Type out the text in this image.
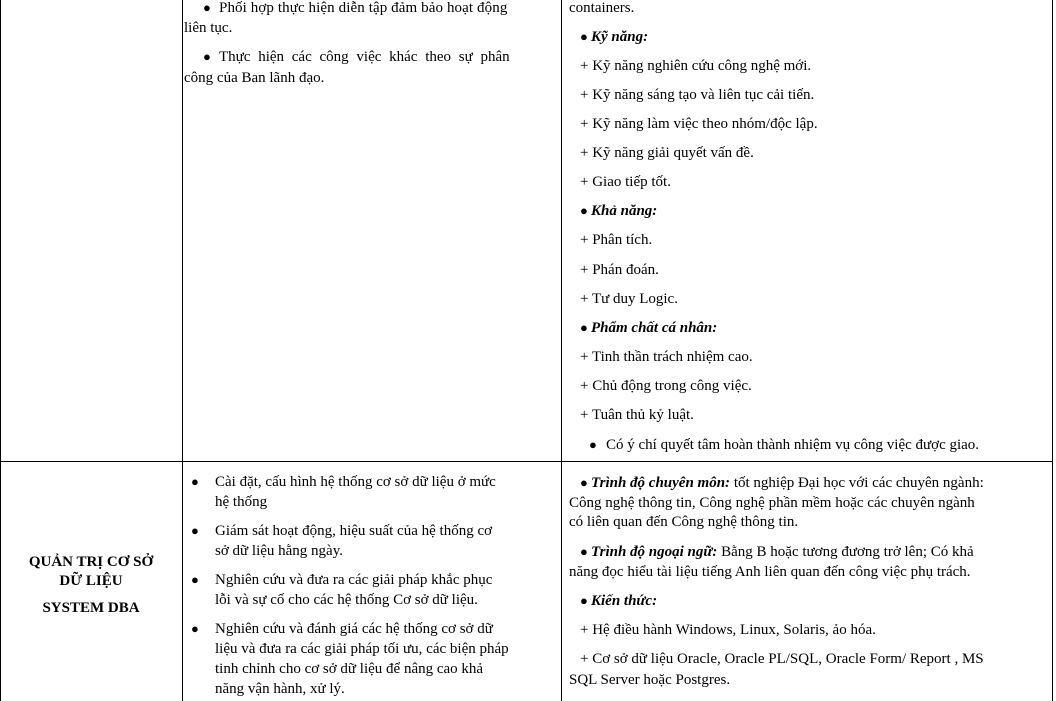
● Phối hợp thực hiện diễn tập đảm bảo hoạt động
liên tục.
● Thực hiện các công việc khác theo sự phân
công của Ban lãnh đạo.
containers.
● Kỹ năng:
+ Kỹ năng nghiên cứu công nghệ mới.
+ Kỹ năng sáng tạo và liên tục cải tiến.
+ Kỹ năng làm việc theo nhóm/độc lập.
+ Kỹ năng giải quyết vấn đề.
+ Giao tiếp tốt.
● Khả năng:
+ Phân tích.
+ Phán đoán.
+ Tư duy Logic.
● Phẩm chất cá nhân:
+ Tinh thần trách nhiệm cao.
+ Chủ động trong công việc.
+ Tuân thủ kỷ luật.
● Có ý chí quyết tâm hoàn thành nhiệm vụ công việc được giao.
QUẢN TRỊ CƠ SỞ
DỮ LIỆU
SYSTEM DBA
● Cài đặt, cấu hình hệ thống cơ sở dữ liệu ở mức
hệ thống
● Giám sát hoạt động, hiệu suất của hệ thống cơ
sở dữ liệu hằng ngày.
● Nghiên cứu và đưa ra các giải pháp khắc phục
lỗi và sự cố cho các hệ thống Cơ sở dữ liệu.
● Nghiên cứu và đánh giá các hệ thống cơ sở dữ
liệu và đưa ra các giải pháp tối ưu, các biện pháp
tinh chỉnh cho cơ sở dữ liệu để nâng cao khả
năng vận hành, xử lý.
● Trình độ chuyên môn: tốt nghiệp Đại học với các chuyên ngành:
Công nghệ thông tin, Công nghệ phần mềm hoặc các chuyên ngành
có liên quan đến Công nghệ thông tin.
● Trình độ ngoại ngữ: Bằng B hoặc tương đương trở lên; Có khả
năng đọc hiểu tài liệu tiếng Anh liên quan đến công việc phụ trách.
● Kiến thức:
+ Hệ điều hành Windows, Linux, Solaris, ảo hóa.
+ Cơ sở dữ liệu Oracle, Oracle PL/SQL, Oracle Form/ Report , MS
SQL Server hoặc Postgres.
